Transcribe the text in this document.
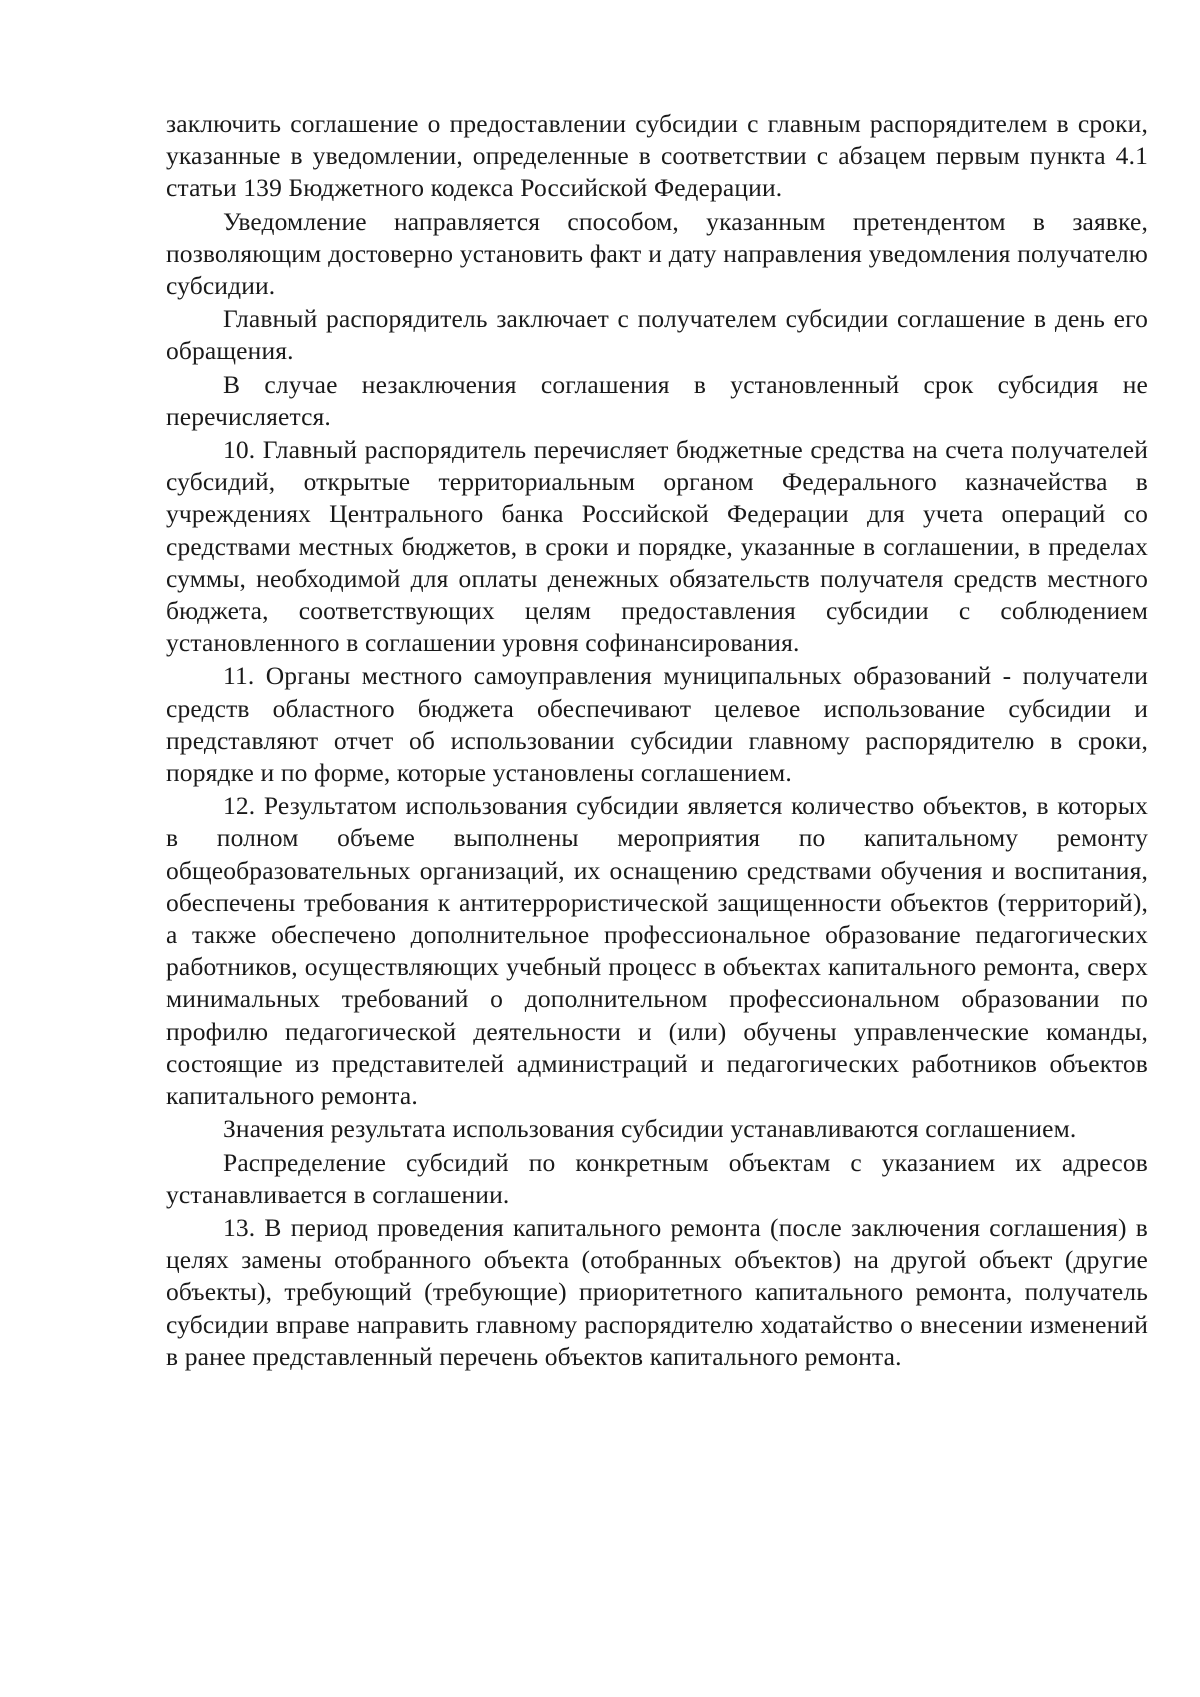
заключить соглашение о предоставлении субсидии с главным распорядителем в сроки, указанные в уведомлении, определенные в соответствии с абзацем первым пункта 4.1 статьи 139 Бюджетного кодекса Российской Федерации.

Уведомление направляется способом, указанным претендентом в заявке, позволяющим достоверно установить факт и дату направления уведомления получателю субсидии.

Главный распорядитель заключает с получателем субсидии соглашение в день его обращения.

В случае незаключения соглашения в установленный срок субсидия не перечисляется.

10. Главный распорядитель перечисляет бюджетные средства на счета получателей субсидий, открытые территориальным органом Федерального казначейства в учреждениях Центрального банка Российской Федерации для учета операций со средствами местных бюджетов, в сроки и порядке, указанные в соглашении, в пределах суммы, необходимой для оплаты денежных обязательств получателя средств местного бюджета, соответствующих целям предоставления субсидии с соблюдением установленного в соглашении уровня софинансирования.

11. Органы местного самоуправления муниципальных образований - получатели средств областного бюджета обеспечивают целевое использование субсидии и представляют отчет об использовании субсидии главному распорядителю в сроки, порядке и по форме, которые установлены соглашением.

12. Результатом использования субсидии является количество объектов, в которых в полном объеме выполнены мероприятия по капитальному ремонту общеобразовательных организаций, их оснащению средствами обучения и воспитания, обеспечены требования к антитеррористической защищенности объектов (территорий), а также обеспечено дополнительное профессиональное образование педагогических работников, осуществляющих учебный процесс в объектах капитального ремонта, сверх минимальных требований о дополнительном профессиональном образовании по профилю педагогической деятельности и (или) обучены управленческие команды, состоящие из представителей администраций и педагогических работников объектов капитального ремонта.

Значения результата использования субсидии устанавливаются соглашением.

Распределение субсидий по конкретным объектам с указанием их адресов устанавливается в соглашении.

13. В период проведения капитального ремонта (после заключения соглашения) в целях замены отобранного объекта (отобранных объектов) на другой объект (другие объекты), требующий (требующие) приоритетного капитального ремонта, получатель субсидии вправе направить главному распорядителю ходатайство о внесении изменений в ранее представленный перечень объектов капитального ремонта.
